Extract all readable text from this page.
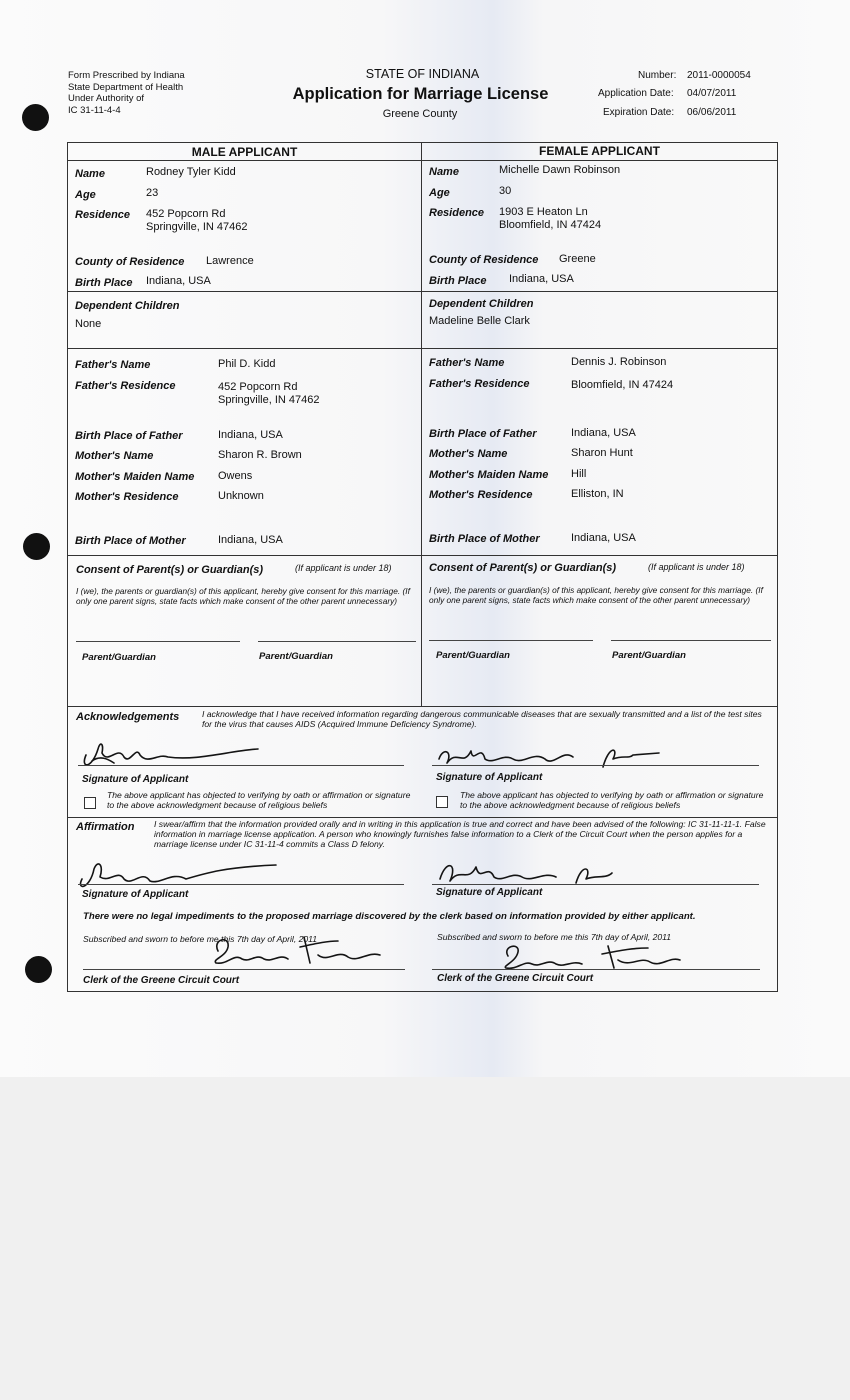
Form Prescribed by Indiana
State Department of Health
Under Authority of
IC 31-11-4-4
STATE OF INDIANA
Application for Marriage License
Greene County
Number: 2011-0000054
Application Date: 04/07/2011
Expiration Date: 06/06/2011
MALE APPLICANT	FEMALE APPLICANT
Name	Rodney Tyler Kidd
Age	23
Residence 452 Popcorn Rd
Springville, IN 47462
County of Residence Lawrence
Birth Place Indiana, USA
Dependent Children
None
Father's Name	Phil D. Kidd
Father's Residence	452 Popcorn Rd
Springville, IN 47462
Birth Place of Father	Indiana, USA
Mother's Name	Sharon R. Brown
Mother's Maiden Name Owens
Mother's Residence	Unknown
Birth Place of Mother	Indiana, USA
Name	Michelle Dawn Robinson
Age	30
Residence 1903 E Heaton Ln
Bloomfield, IN 47424
County of Residence Greene
Birth Place Indiana, USA
Dependent Children
Madeline Belle Clark
Father's Name	Dennis J. Robinson
Father's Residence	Bloomfield, IN 47424
Birth Place of Father	Indiana, USA
Mother's Name	Sharon Hunt
Mother's Maiden Name Hill
Mother's Residence	Elliston, IN
Birth Place of Mother	Indiana, USA
Consent of Parent(s) or Guardian(s)	(If applicant is under 18)
I (we), the parents or guardian(s) of this applicant, hereby give consent for this marriage. (If only one parent signs, state facts which make consent of the other parent unnecessary)
Parent/Guardian	Parent/Guardian
Consent of Parent(s) or Guardian(s)	(If applicant is under 18)
I (we), the parents or guardian(s) of this applicant, hereby give consent for this marriage. (If only one parent signs, state facts which make consent of the other parent unnecessary)
Parent/Guardian	Parent/Guardian
Acknowledgements	I acknowledge that I have received information regarding dangerous communicable diseases that are sexually transmitted and a list of the test sites for the virus that causes AIDS (Acquired Immune Deficiency Syndrome).
Signature of Applicant
The above applicant has objected to verifying by oath or affirmation or signature to the above acknowledgment because of religious beliefs
Signature of Applicant
The above applicant has objected to verifying by oath or affirmation or signature to the above acknowledgment because of religious beliefs
Affirmation I swear/affirm that the information provided orally and in writing in this application is true and correct and have been advised of the following: IC 31-11-11-1. False information in marriage license application. A person who knowingly furnishes false information to a Clerk of the Circuit Court when the person applies for a marriage license under IC 31-11-4 commits a Class D felony.
Signature of Applicant	Signature of Applicant
There were no legal impediments to the proposed marriage discovered by the clerk based on information provided by either applicant.
Subscribed and sworn to before me this 7th day of April, 2011
Clerk of the Greene Circuit Court
Subscribed and sworn to before me this 7th day of April, 2011
Clerk of the Greene Circuit Court
